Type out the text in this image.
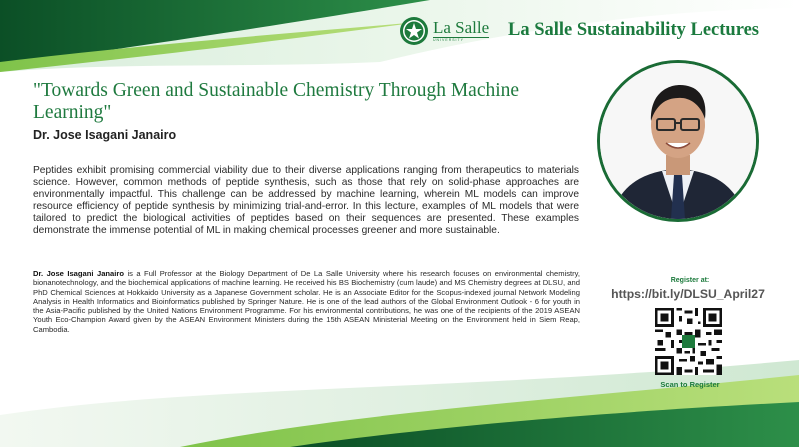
La Salle
UNIVERSITY	La Salle Sustainability Lectures
"Towards Green and Sustainable Chemistry Through Machine Learning"
Dr. Jose Isagani Janairo

Peptides exhibit promising commercial viability due to their diverse applications ranging from therapeutics to materials science. However, common methods of peptide synthesis, such as those that rely on solid-phase approaches are environmentally impactful. This challenge can be addressed by machine learning, wherein ML models can improve resource efficiency of peptide synthesis by minimizing trial-and-error. In this lecture, examples of ML models that were tailored to predict the biological activities of peptides based on their sequences are presented. These examples demonstrate the immense potential of ML in making chemical processes greener and more sustainable.

Dr. Jose Isagani Janairo is a Full Professor at the Biology Department of De La Salle University where his research focuses on environmental chemistry, bionanotechnology, and the biochemical applications of machine learning. He received his BS Biochemistry (cum laude) and MS Chemistry degrees at DLSU, and PhD Chemical Sciences at Hokkaido University as a Japanese Government scholar. He is an Associate Editor for the Scopus-indexed journal Network Modeling Analysis in Health Informatics and Bioinformatics published by Springer Nature. He is one of the lead authors of the Global Environment Outlook - 6 for youth in the Asia-Pacific published by the United Nations Environment Programme. For his environmental contributions, he was one of the recipients of the 2019 ASEAN Youth Eco-Champion Award given by the ASEAN Environment Ministers during the 15th ASEAN Ministerial Meeting on the Environment held in Siem Reap, Cambodia.

Register at:
https://bit.ly/DLSU_April27
Scan to Register
